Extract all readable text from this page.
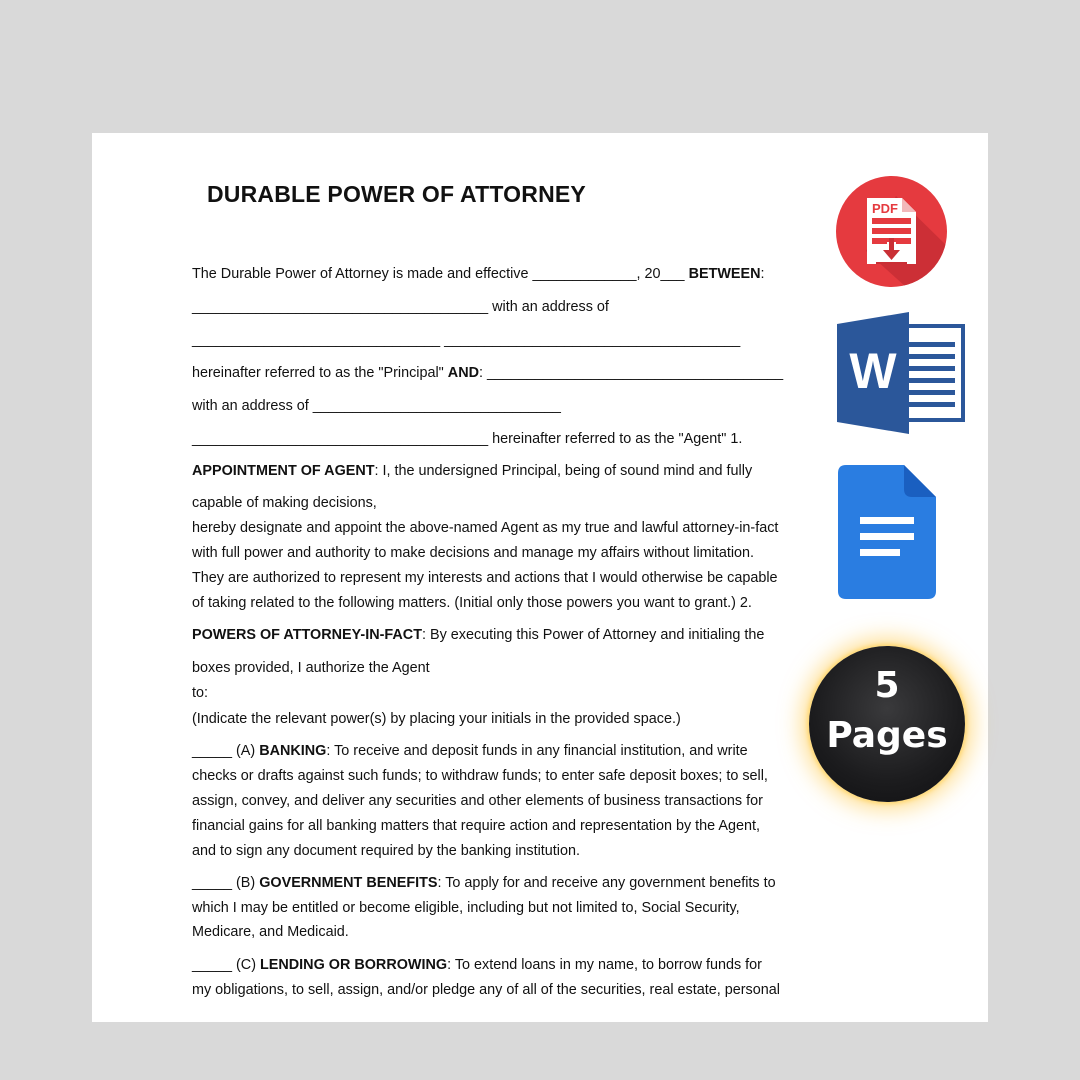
DURABLE POWER OF ATTORNEY
The Durable Power of Attorney is made and effective _____________, 20___ BETWEEN:
_____________________________________ with an address of
_______________________________ _____________________________________
hereinafter referred to as the "Principal" AND: _____________________________________
with an address of _______________________________
_____________________________________ hereinafter referred to as the "Agent" 1.
APPOINTMENT OF AGENT: I, the undersigned Principal, being of sound mind and fully
capable of making decisions,
hereby designate and appoint the above-named Agent as my true and lawful attorney-in-fact
with full power and authority to make decisions and manage my affairs without limitation.
They are authorized to represent my interests and actions that I would otherwise be capable
of taking related to the following matters. (Initial only those powers you want to grant.) 2.
POWERS OF ATTORNEY-IN-FACT: By executing this Power of Attorney and initialing the
boxes provided, I authorize the Agent
to:
(Indicate the relevant power(s) by placing your initials in the provided space.)
_____ (A) BANKING: To receive and deposit funds in any financial institution, and write
checks or drafts against such funds; to withdraw funds; to enter safe deposit boxes; to sell,
assign, convey, and deliver any securities and other elements of business transactions for
financial gains for all banking matters that require action and representation by the Agent,
and to sign any document required by the banking institution.
_____ (B) GOVERNMENT BENEFITS: To apply for and receive any government benefits to
which I may be entitled or become eligible, including but not limited to, Social Security,
Medicare, and Medicaid.
_____ (C) LENDING OR BORROWING: To extend loans in my name, to borrow funds for
my obligations, to sell, assign, and/or pledge any of all of the securities, real estate, personal
PDF
W
5
Pages
